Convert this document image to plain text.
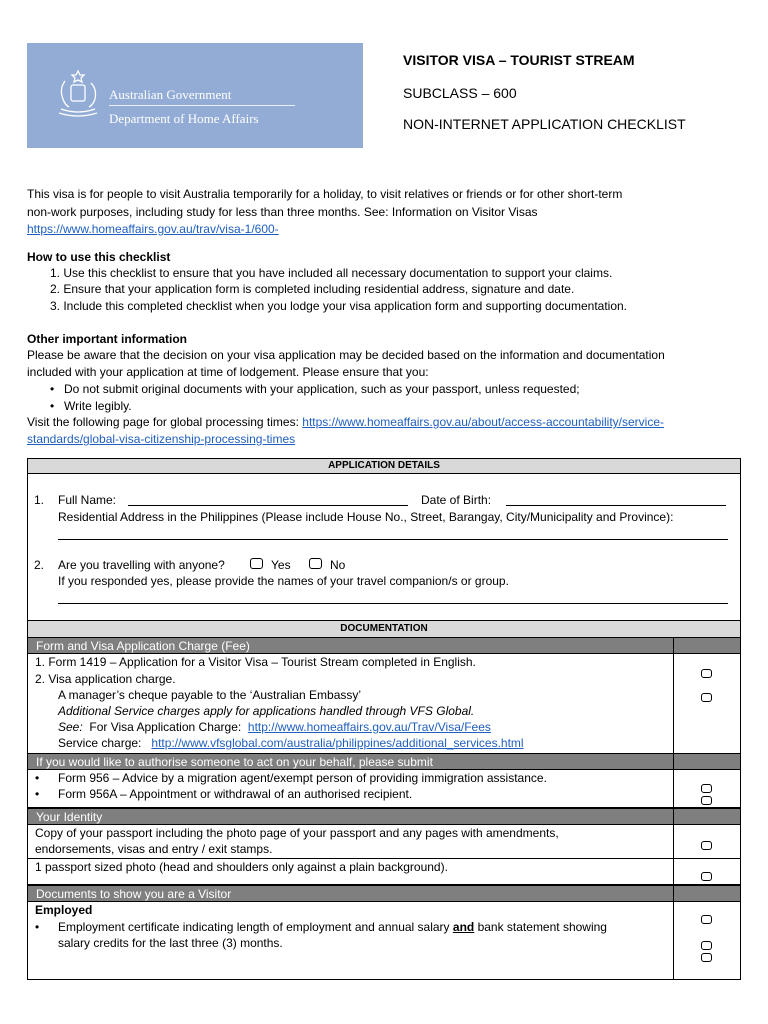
Australian Government
Department of Home Affairs
VISITOR VISA – TOURIST STREAM
SUBCLASS – 600
NON-INTERNET APPLICATION CHECKLIST
This visa is for people to visit Australia temporarily for a holiday, to visit relatives or friends or for other short-term
non-work purposes, including study for less than three months. See: Information on Visitor Visas
https://www.homeaffairs.gov.au/trav/visa-1/600-
How to use this checklist
1. Use this checklist to ensure that you have included all necessary documentation to support your claims.
2. Ensure that your application form is completed including residential address, signature and date.
3. Include this completed checklist when you lodge your visa application form and supporting documentation.
Other important information
Please be aware that the decision on your visa application may be decided based on the information and documentation
included with your application at time of lodgement. Please ensure that you:
• Do not submit original documents with your application, such as your passport, unless requested;
• Write legibly.
Visit the following page for global processing times: https://www.homeaffairs.gov.au/about/access-accountability/service-
standards/global-visa-citizenship-processing-times
APPLICATION DETAILS
1. Full Name:	Date of Birth:
Residential Address in the Philippines (Please include House No., Street, Barangay, City/Municipality and Province):
2. Are you travelling with anyone?	Yes	No
If you responded yes, please provide the names of your travel companion/s or group.
DOCUMENTATION
Form and Visa Application Charge (Fee)
1. Form 1419 – Application for a Visitor Visa – Tourist Stream completed in English.
2. Visa application charge.
A manager’s cheque payable to the ‘Australian Embassy’
Additional Service charges apply for applications handled through VFS Global.
See: For Visa Application Charge: http://www.homeaffairs.gov.au/Trav/Visa/Fees
Service charge: http://www.vfsglobal.com/australia/philippines/additional_services.html
If you would like to authorise someone to act on your behalf, please submit
• Form 956 – Advice by a migration agent/exempt person of providing immigration assistance.
• Form 956A – Appointment or withdrawal of an authorised recipient.
Your Identity
Copy of your passport including the photo page of your passport and any pages with amendments,
endorsements, visas and entry / exit stamps.
1 passport sized photo (head and shoulders only against a plain background).
Documents to show you are a Visitor
Employed
• Employment certificate indicating length of employment and annual salary and bank statement showing
salary credits for the last three (3) months.
